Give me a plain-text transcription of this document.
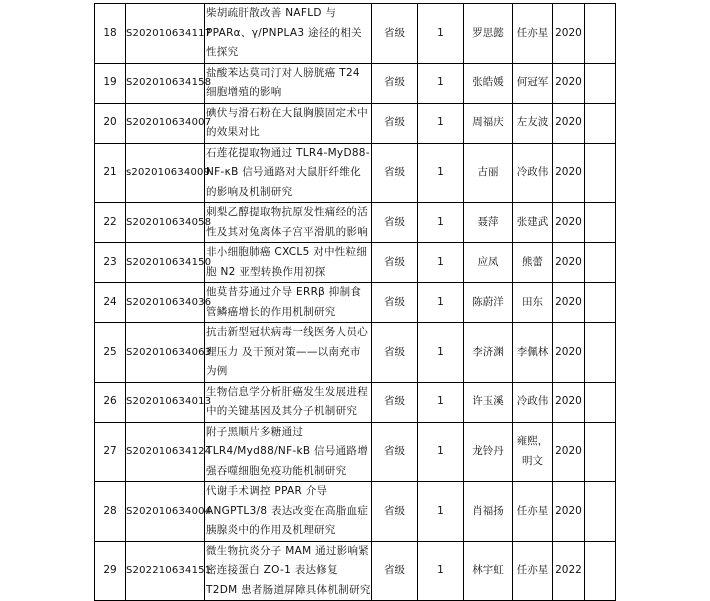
18	S202010634117	柴胡疏肝散改善 NAFLD 与 PPARα、γ/PNPLA3 途径的相关性探究	省级	1	罗思懿	任亦星	2020	
19	S202010634158	盐酸苯达莫司汀对人膀胱癌 T24 细胞增殖的影响	省级	1	张皓媛	何冠军	2020	
20	S202010634007	碘伏与滑石粉在大鼠胸膜固定术中的效果对比	省级	1	周福庆	左友波	2020	
21	s202010634009	石莲花提取物通过 TLR4-MyD88-NF-κB 信号通路对大鼠肝纤维化的影响及机制研究	省级	1	古丽	冷政伟	2020	
22	S202010634058	刺梨乙醇提取物抗原发性痛经的活性及其对兔离体子宫平滑肌的影响	省级	1	聂萍	张建武	2020	
23	S202010634150	非小细胞肺癌 CXCL5 对中性粒细胞 N2 亚型转换作用初探	省级	1	应凤	熊蕾	2020	
24	S202010634036	他莫昔芬通过介导 ERRβ 抑制食管鳞癌增长的作用机制研究	省级	1	陈蔚洋	田东	2020	
25	S202010634063	抗击新型冠状病毒一线医务人员心理压力 及干预对策——以南充市为例	省级	1	李济渊	李佩林	2020	
26	S202010634013	生物信息学分析肝癌发生发展进程中的关键基因及其分子机制研究	省级	1	许玉溪	冷政伟	2020	
27	S202010634124	附子黑顺片多糖通过 TLR4/Myd88/NF-kB 信号通路增强吞噬细胞免疫功能机制研究	省级	1	龙铃丹	雍熙，明文	2020	
28	S202010634004	代谢手术调控 PPAR 介导 ANGPTL3/8 表达改变在高脂血症胰腺炎中的作用及机理研究	省级	1	肖福扬	任亦星	2020	
29	S202210634151	微生物抗炎分子 MAM 通过影响紧密连接蛋白 ZO-1 表达修复 T2DM 患者肠道屏障具体机制研究	省级	1	林宇虹	任亦星	2022	
